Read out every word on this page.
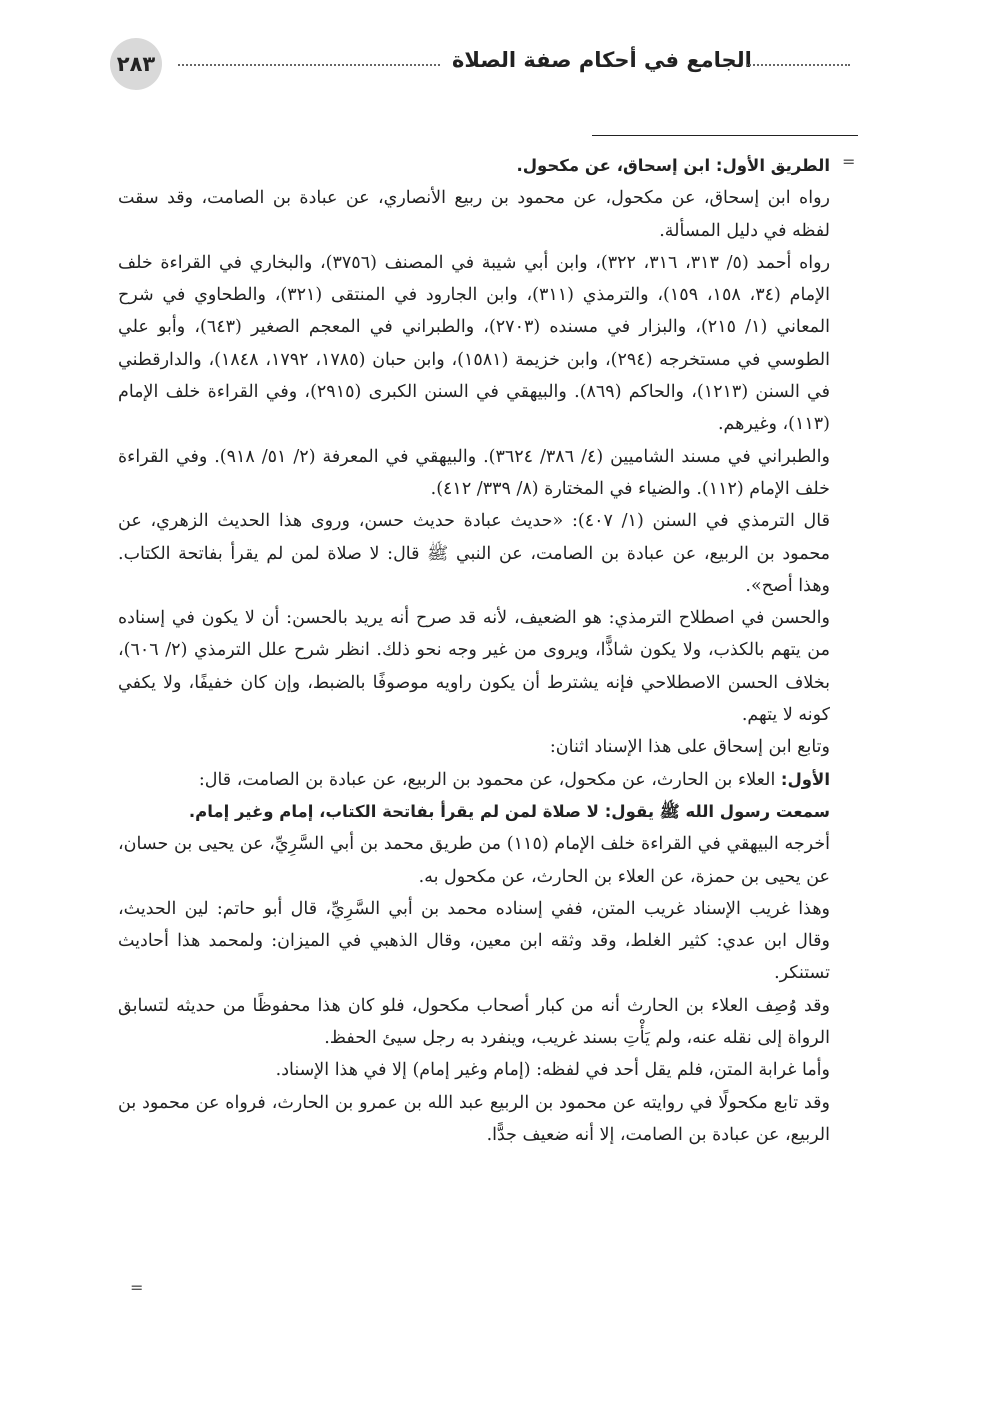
٢٨٣	الجامع في أحكام صفة الصلاة
=

الطريق الأول: ابن إسحاق، عن مكحول.

رواه ابن إسحاق، عن مكحول، عن محمود بن ربيع الأنصاري، عن عبادة بن الصامت، وقد سقت لفظه في دليل المسألة.

رواه أحمد (٥/ ٣١٣، ٣١٦، ٣٢٢)، وابن أبي شيبة في المصنف (٣٧٥٦)، والبخاري في القراءة خلف الإمام (٣٤، ١٥٨، ١٥٩)، والترمذي (٣١١)، وابن الجارود في المنتقى (٣٢١)، والطحاوي في شرح المعاني (١/ ٢١٥)، والبزار في مسنده (٢٧٠٣)، والطبراني في المعجم الصغير (٦٤٣)، وأبو علي الطوسي في مستخرجه (٢٩٤)، وابن خزيمة (١٥٨١)، وابن حبان (١٧٨٥، ١٧٩٢، ١٨٤٨)، والدارقطني في السنن (١٢١٣)، والحاكم (٨٦٩). والبيهقي في السنن الكبرى (٢٩١٥)، وفي القراءة خلف الإمام (١١٣)، وغيرهم.

والطبراني في مسند الشاميين (٤/ ٣٨٦/ ٣٦٢٤). والبيهقي في المعرفة (٢/ ٥١/ ٩١٨). وفي القراءة خلف الإمام (١١٢). والضياء في المختارة (٨/ ٣٣٩/ ٤١٢).

قال الترمذي في السنن (١/ ٤٠٧): «حديث عبادة حديث حسن، وروى هذا الحديث الزهري، عن محمود بن الربيع، عن عبادة بن الصامت، عن النبي ﷺ قال: لا صلاة لمن لم يقرأ بفاتحة الكتاب. وهذا أصح».

والحسن في اصطلاح الترمذي: هو الضعيف، لأنه قد صرح أنه يريد بالحسن: أن لا يكون في إسناده من يتهم بالكذب، ولا يكون شاذًّا، ويروى من غير وجه نحو ذلك. انظر شرح علل الترمذي (٢/ ٦٠٦)، بخلاف الحسن الاصطلاحي فإنه يشترط أن يكون راويه موصوفًا بالضبط، وإن كان خفيفًا، ولا يكفي كونه لا يتهم.

وتابع ابن إسحاق على هذا الإسناد اثنان:

الأول: العلاء بن الحارث، عن مكحول، عن محمود بن الربيع، عن عبادة بن الصامت، قال:

سمعت رسول الله ﷺ يقول: لا صلاة لمن لم يقرأ بفاتحة الكتاب، إمام وغير إمام.

أخرجه البيهقي في القراءة خلف الإمام (١١٥) من طريق محمد بن أبي السَّرِيِّ، عن يحيى بن حسان، عن يحيى بن حمزة، عن العلاء بن الحارث، عن مكحول به.

وهذا غريب الإسناد غريب المتن، ففي إسناده محمد بن أبي السَّرِيِّ، قال أبو حاتم: لين الحديث، وقال ابن عدي: كثير الغلط، وقد وثقه ابن معين، وقال الذهبي في الميزان: ولمحمد هذا أحاديث تستنكر.

وقد وُصِف العلاء بن الحارث أنه من كبار أصحاب مكحول، فلو كان هذا محفوظًا من حديثه لتسابق الرواة إلى نقله عنه، ولم يَأْتِ بسند غريب، وينفرد به رجل سيئ الحفظ.

وأما غرابة المتن، فلم يقل أحد في لفظه: (إمام وغير إمام) إلا في هذا الإسناد.

وقد تابع مكحولًا في روايته عن محمود بن الربيع عبد الله بن عمرو بن الحارث، فرواه عن محمود بن الربيع، عن عبادة بن الصامت، إلا أنه ضعيف جدًّا.

=
